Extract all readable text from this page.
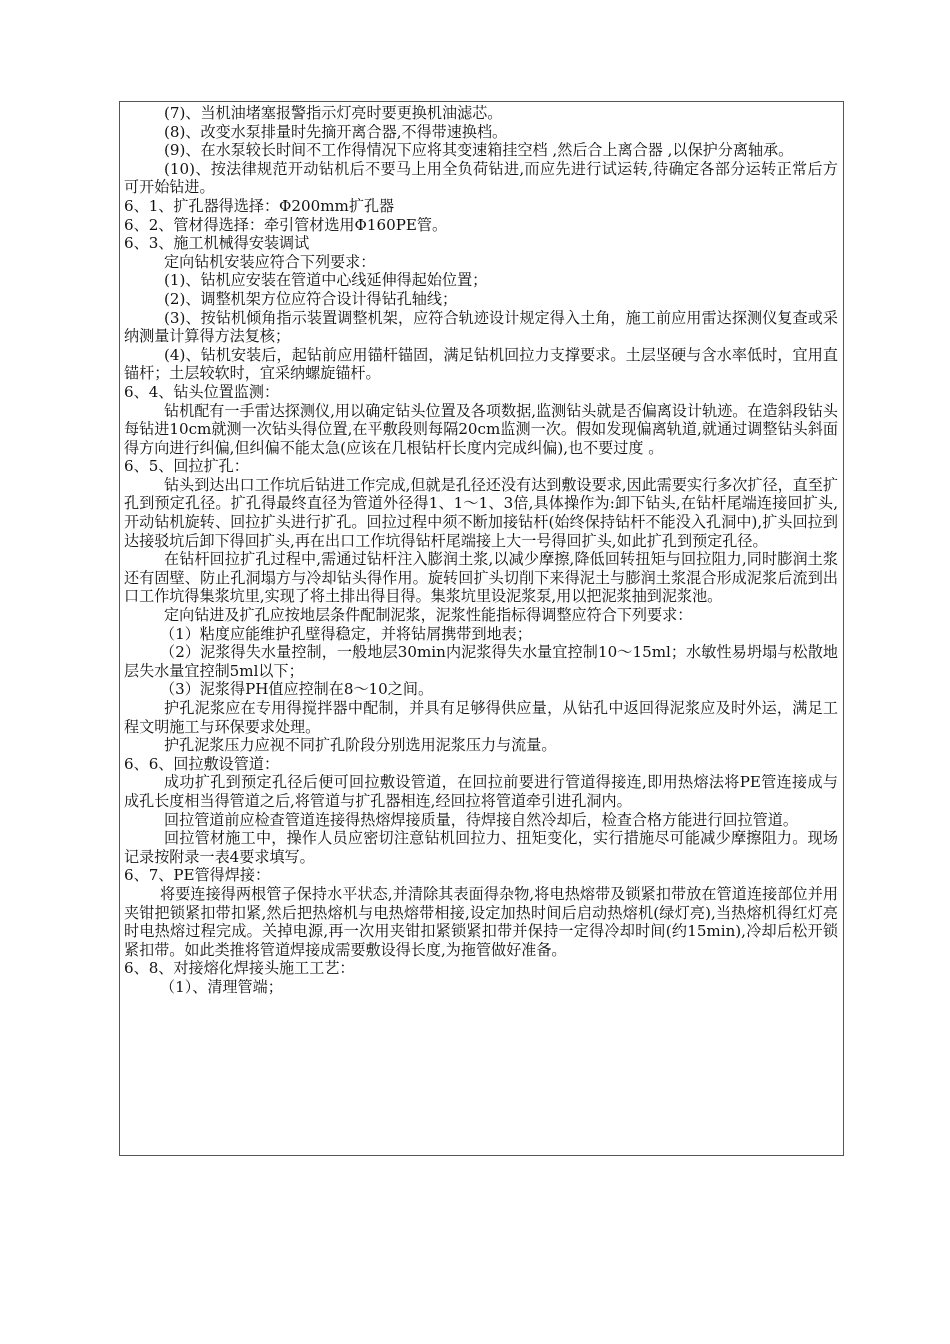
(7)、当机油堵塞报警指示灯亮时要更换机油滤芯。

(8)、改变水泵排量时先摘开离合器,不得带速换档。

(9)、在水泵较长时间不工作得情况下应将其变速箱挂空档 ,然后合上离合器 ,以保护分离轴承。

(10)、按法律规范开动钻机后不要马上用全负荷钻进,而应先进行试运转,待确定各部分运转正常后方可开始钻进。

6、1、扩孔器得选择：Φ200mm扩孔器

6、2、管材得选择：牵引管材选用Φ160PE管。

6、3、施工机械得安装调试

定向钻机安装应符合下列要求：

(1)、钻机应安装在管道中心线延伸得起始位置；

(2)、调整机架方位应符合设计得钻孔轴线；

(3)、按钻机倾角指示装置调整机架，应符合轨迹设计规定得入土角，施工前应用雷达探测仪复查或采纳测量计算得方法复核；

(4)、钻机安装后，起钻前应用锚杆锚固，满足钻机回拉力支撑要求。土层坚硬与含水率低时，宜用直锚杆；土层较软时，宜采纳螺旋锚杆。

6、4、钻头位置监测：

钻机配有一手雷达探测仪,用以确定钻头位置及各项数据,监测钻头就是否偏离设计轨迹。在造斜段钻头每钻进10cm就测一次钻头得位置,在平敷段则每隔20cm监测一次。假如发现偏离轨道,就通过调整钻头斜面得方向进行纠偏,但纠偏不能太急(应该在几根钻杆长度内完成纠偏),也不要过度 。

6、5、回拉扩孔：

钻头到达出口工作坑后钻进工作完成,但就是孔径还没有达到敷设要求,因此需要实行多次扩径，直至扩孔到预定孔径。扩孔得最终直径为管道外径得1、1～1、3倍,具体操作为:卸下钻头,在钻杆尾端连接回扩头,开动钻机旋转、回拉扩头进行扩孔。回拉过程中须不断加接钻杆(始终保持钻杆不能没入孔洞中),扩头回拉到达接驳坑后卸下得回扩头,再在出口工作坑得钻杆尾端接上大一号得回扩头,如此扩孔到预定孔径。

在钻杆回拉扩孔过程中,需通过钻杆注入膨润土浆,以减少摩擦,降低回转扭矩与回拉阻力,同时膨润土浆还有固壁、防止孔洞塌方与冷却钻头得作用。旋转回扩头切削下来得泥土与膨润土浆混合形成泥浆后流到出口工作坑得集浆坑里,实现了将土排出得目得。集浆坑里设泥浆泵,用以把泥浆抽到泥浆池。

定向钻进及扩孔应按地层条件配制泥浆，泥浆性能指标得调整应符合下列要求：

（1）粘度应能维护孔壁得稳定，并将钻屑携带到地表；

（2）泥浆得失水量控制，一般地层30min内泥浆得失水量宜控制10～15ml；水敏性易坍塌与松散地层失水量宜控制5ml以下；

（3）泥浆得PH值应控制在8～10之间。

护孔泥浆应在专用得搅拌器中配制，并具有足够得供应量，从钻孔中返回得泥浆应及时外运，满足工程文明施工与环保要求处理。

护孔泥浆压力应视不同扩孔阶段分别选用泥浆压力与流量。

6、6、回拉敷设管道：

成功扩孔到预定孔径后便可回拉敷设管道，在回拉前要进行管道得接连,即用热熔法将PE管连接成与成孔长度相当得管道之后,将管道与扩孔器相连,经回拉将管道牵引进孔洞内。

回拉管道前应检查管道连接得热熔焊接质量，待焊接自然冷却后，检查合格方能进行回拉管道。

回拉管材施工中，操作人员应密切注意钻机回拉力、扭矩变化，实行措施尽可能减少摩擦阻力。现场记录按附录一表4要求填写。

6、7、PE管得焊接：

将要连接得两根管子保持水平状态,并清除其表面得杂物,将电热熔带及锁紧扣带放在管道连接部位并用夹钳把锁紧扣带扣紧,然后把热熔机与电热熔带相接,设定加热时间后启动热熔机(绿灯亮),当热熔机得红灯亮时电热熔过程完成。关掉电源,再一次用夹钳扣紧锁紧扣带并保持一定得冷却时间(约15min),冷却后松开锁紧扣带。如此类推将管道焊接成需要敷设得长度,为拖管做好准备。

6、8、对接熔化焊接头施工工艺：

（1）、清理管端；
